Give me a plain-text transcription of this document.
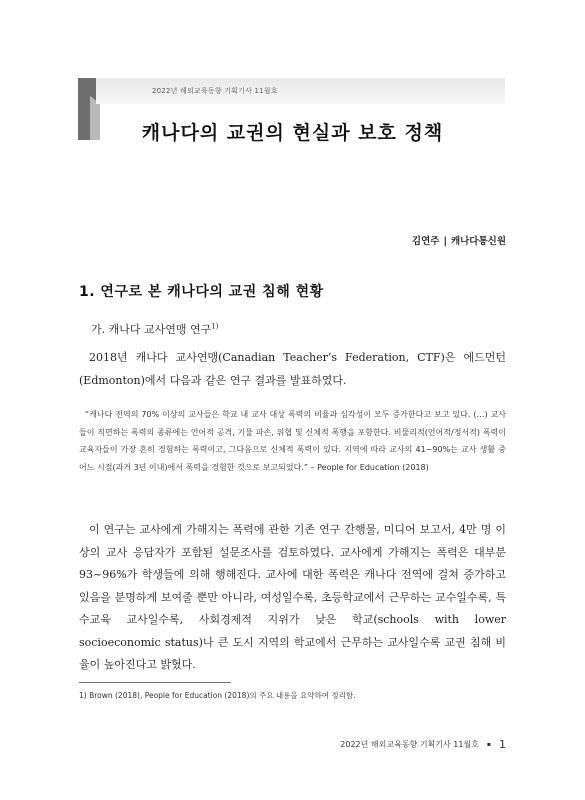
2022년 해외교육동향 기획기사 11월호
캐나다의 교권의 현실과 보호 정책
김연주 | 캐나다통신원
1. 연구로 본 캐나다의 교권 침해 현황
가. 캐나다 교사연맹 연구$^{1)}$
2018년 캐나다 교사연맹(Canadian Teacher’s Federation, CTF)은 에드먼턴(Edmonton)에서 다음과 같은 연구 결과를 발표하였다.
“캐나다 전역의 70% 이상의 교사들은 학교 내 교사 대상 폭력의 비율과 심각성이 모두 증가한다고 보고 있다. (…) 교사들이 직면하는 폭력의 종류에는 언어적 공격, 기물 파손, 위협 및 신체적 폭행을 포함한다. 비물리적(언어적/정서적) 폭력이 교육자들이 가장 흔히 경험하는 폭력이고, 그다음으로 신체적 폭력이 있다. 지역에 따라 교사의 41~90%는 교사 생활 중 어느 시점(과거 3년 이내)에서 폭력을 경험한 것으로 보고되었다.” – People for Education (2018)
이 연구는 교사에게 가해지는 폭력에 관한 기존 연구 간행물, 미디어 보고서, 4만 명 이상의 교사 응답자가 포함된 설문조사를 검토하였다. 교사에게 가해지는 폭력은 대부분 93~96%가 학생들에 의해 행해진다. 교사에 대한 폭력은 캐나다 전역에 걸쳐 증가하고 있음을 분명하게 보여줄 뿐만 아니라, 여성일수록, 초등학교에서 근무하는 교수일수록, 특수교육 교사일수록, 사회경제적 지위가 낮은 학교(schools with lower socioeconomic status)나 큰 도시 지역의 학교에서 근무하는 교사일수록 교권 침해 비율이 높아진다고 밝혔다.
1) Brown (2018), People for Education (2018)의 주요 내용을 요약하여 정리함.
2022년 해외교육동향 기획기사 11월호 ▪ 1
